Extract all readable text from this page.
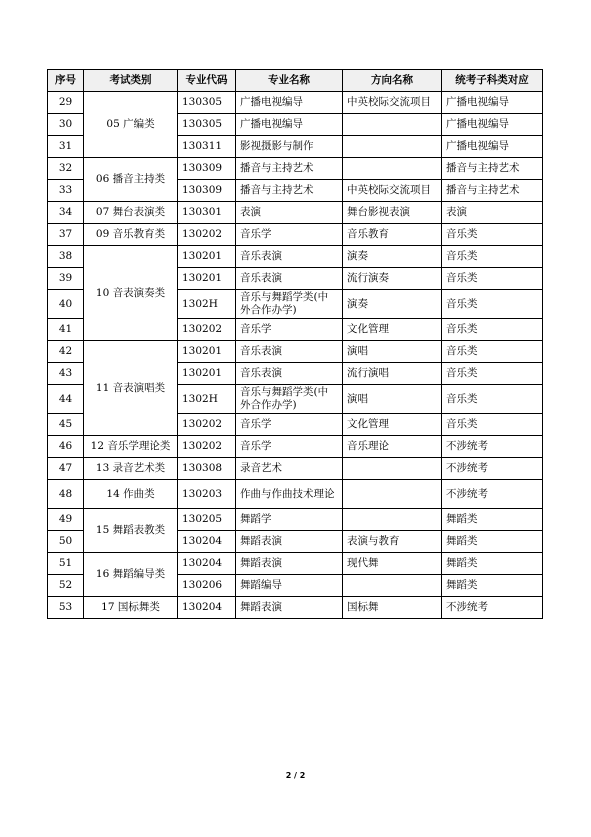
序号	考试类别	专业代码	专业名称	方向名称	统考子科类对应
29	05 广编类	130305	广播电视编导	中英校际交流项目	广播电视编导
30		130305	广播电视编导		广播电视编导
31		130311	影视摄影与制作		广播电视编导
32	06 播音主持类	130309	播音与主持艺术		播音与主持艺术
33		130309	播音与主持艺术	中英校际交流项目	播音与主持艺术
34	07 舞台表演类	130301	表演	舞台影视表演	表演
37	09 音乐教育类	130202	音乐学	音乐教育	音乐类
38	10 音表演奏类	130201	音乐表演	演奏	音乐类
39		130201	音乐表演	流行演奏	音乐类
40		1302H	音乐与舞蹈学类(中外合作办学)	演奏	音乐类
41		130202	音乐学	文化管理	音乐类
42	11 音表演唱类	130201	音乐表演	演唱	音乐类
43		130201	音乐表演	流行演唱	音乐类
44		1302H	音乐与舞蹈学类(中外合作办学)	演唱	音乐类
45		130202	音乐学	文化管理	音乐类
46	12 音乐学理论类	130202	音乐学	音乐理论	不涉统考
47	13 录音艺术类	130308	录音艺术		不涉统考
48	14 作曲类	130203	作曲与作曲技术理论		不涉统考
49	15 舞蹈表教类	130205	舞蹈学		舞蹈类
50		130204	舞蹈表演	表演与教育	舞蹈类
51	16 舞蹈编导类	130204	舞蹈表演	现代舞	舞蹈类
52		130206	舞蹈编导		舞蹈类
53	17 国标舞类	130204	舞蹈表演	国标舞	不涉统考
2 / 2
